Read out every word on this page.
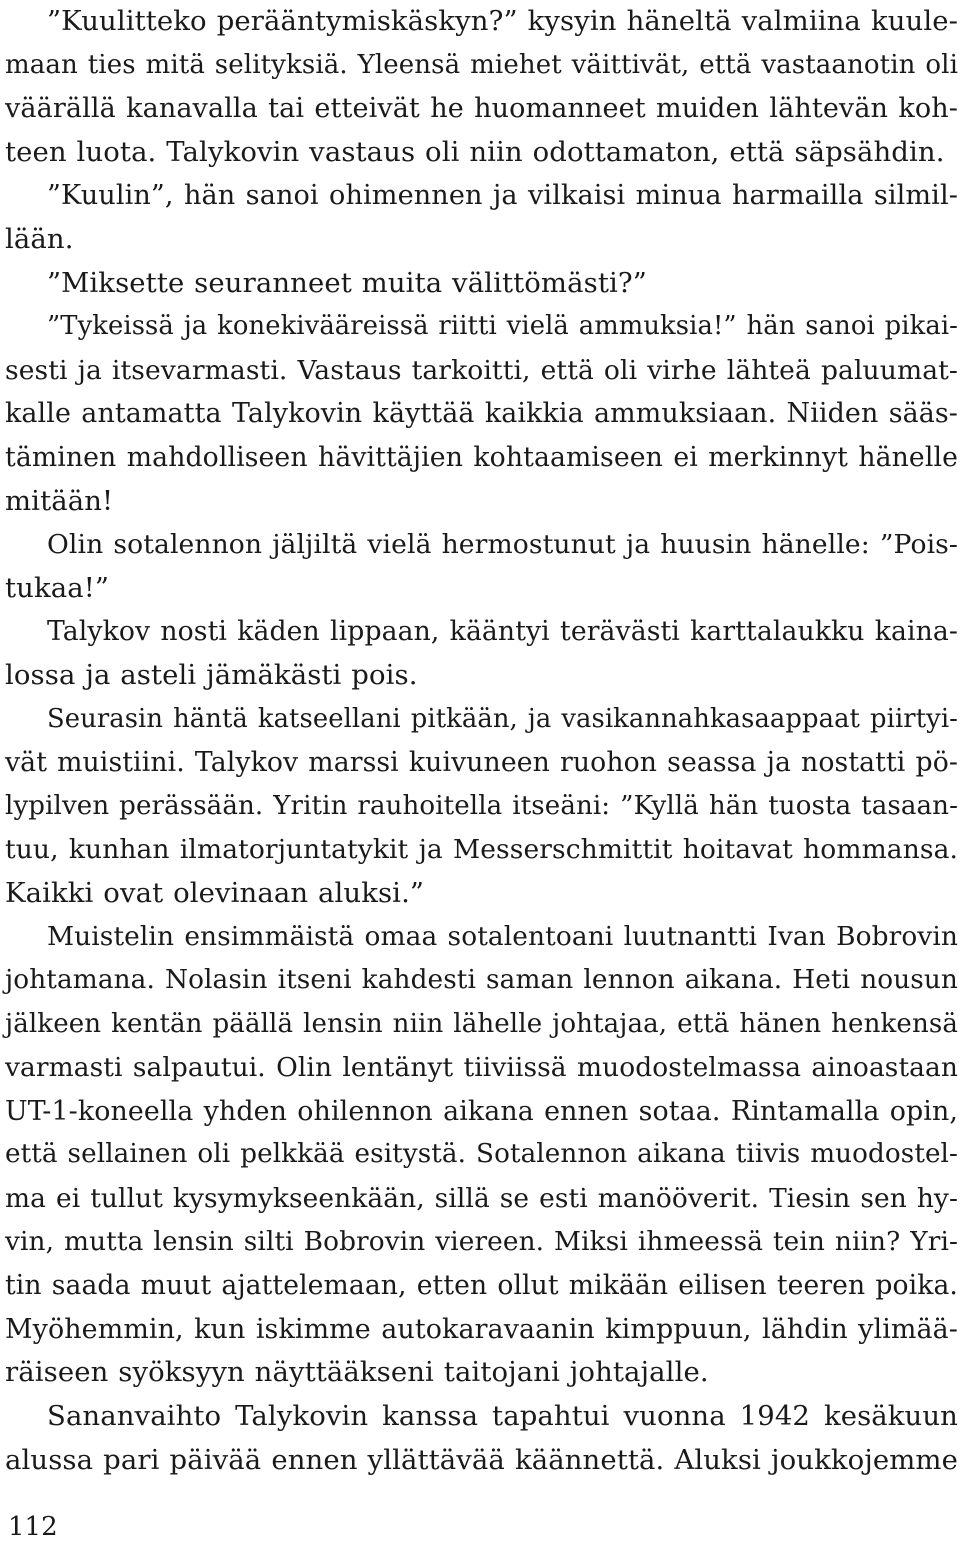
”Kuulitteko perääntymiskäskyn?” kysyin häneltä valmiina kuule-
maan ties mitä selityksiä. Yleensä miehet väittivät, että vastaanotin oli
väärällä kanavalla tai etteivät he huomanneet muiden lähtevän koh-
teen luota. Talykovin vastaus oli niin odottamaton, että säpsähdin.
”Kuulin”, hän sanoi ohimennen ja vilkaisi minua harmailla silmil-
lään.
”Miksette seuranneet muita välittömästi?”
”Tykeissä ja konekivääreissä riitti vielä ammuksia!” hän sanoi pikai-
sesti ja itsevarmasti. Vastaus tarkoitti, että oli virhe lähteä paluumat-
kalle antamatta Talykovin käyttää kaikkia ammuksiaan. Niiden sääs-
täminen mahdolliseen hävittäjien kohtaamiseen ei merkinnyt hänelle
mitään!
Olin sotalennon jäljiltä vielä hermostunut ja huusin hänelle: ”Pois-
tukaa!”
Talykov nosti käden lippaan, kääntyi terävästi karttalaukku kaina-
lossa ja asteli jämäkästi pois.
Seurasin häntä katseellani pitkään, ja vasikannahkasaappaat piirtyi-
vät muistiini. Talykov marssi kuivuneen ruohon seassa ja nostatti pö-
lypilven perässään. Yritin rauhoitella itseäni: ”Kyllä hän tuosta tasaan-
tuu, kunhan ilmatorjuntatykit ja Messerschmittit hoitavat hommansa.
Kaikki ovat olevinaan aluksi.”
Muistelin ensimmäistä omaa sotalentoani luutnantti Ivan Bobrovin
johtamana. Nolasin itseni kahdesti saman lennon aikana. Heti nousun
jälkeen kentän päällä lensin niin lähelle johtajaa, että hänen henkensä
varmasti salpautui. Olin lentänyt tiiviissä muodostelmassa ainoastaan
UT-1-koneella yhden ohilennon aikana ennen sotaa. Rintamalla opin,
että sellainen oli pelkkää esitystä. Sotalennon aikana tiivis muodostel-
ma ei tullut kysymykseenkään, sillä se esti manööverit. Tiesin sen hy-
vin, mutta lensin silti Bobrovin viereen. Miksi ihmeessä tein niin? Yri-
tin saada muut ajattelemaan, etten ollut mikään eilisen teeren poika.
Myöhemmin, kun iskimme autokaravaanin kimppuun, lähdin ylimää-
räiseen syöksyyn näyttääkseni taitojani johtajalle.
Sananvaihto Talykovin kanssa tapahtui vuonna 1942 kesäkuun
alussa pari päivää ennen yllättävää käännettä. Aluksi joukkojemme
112
